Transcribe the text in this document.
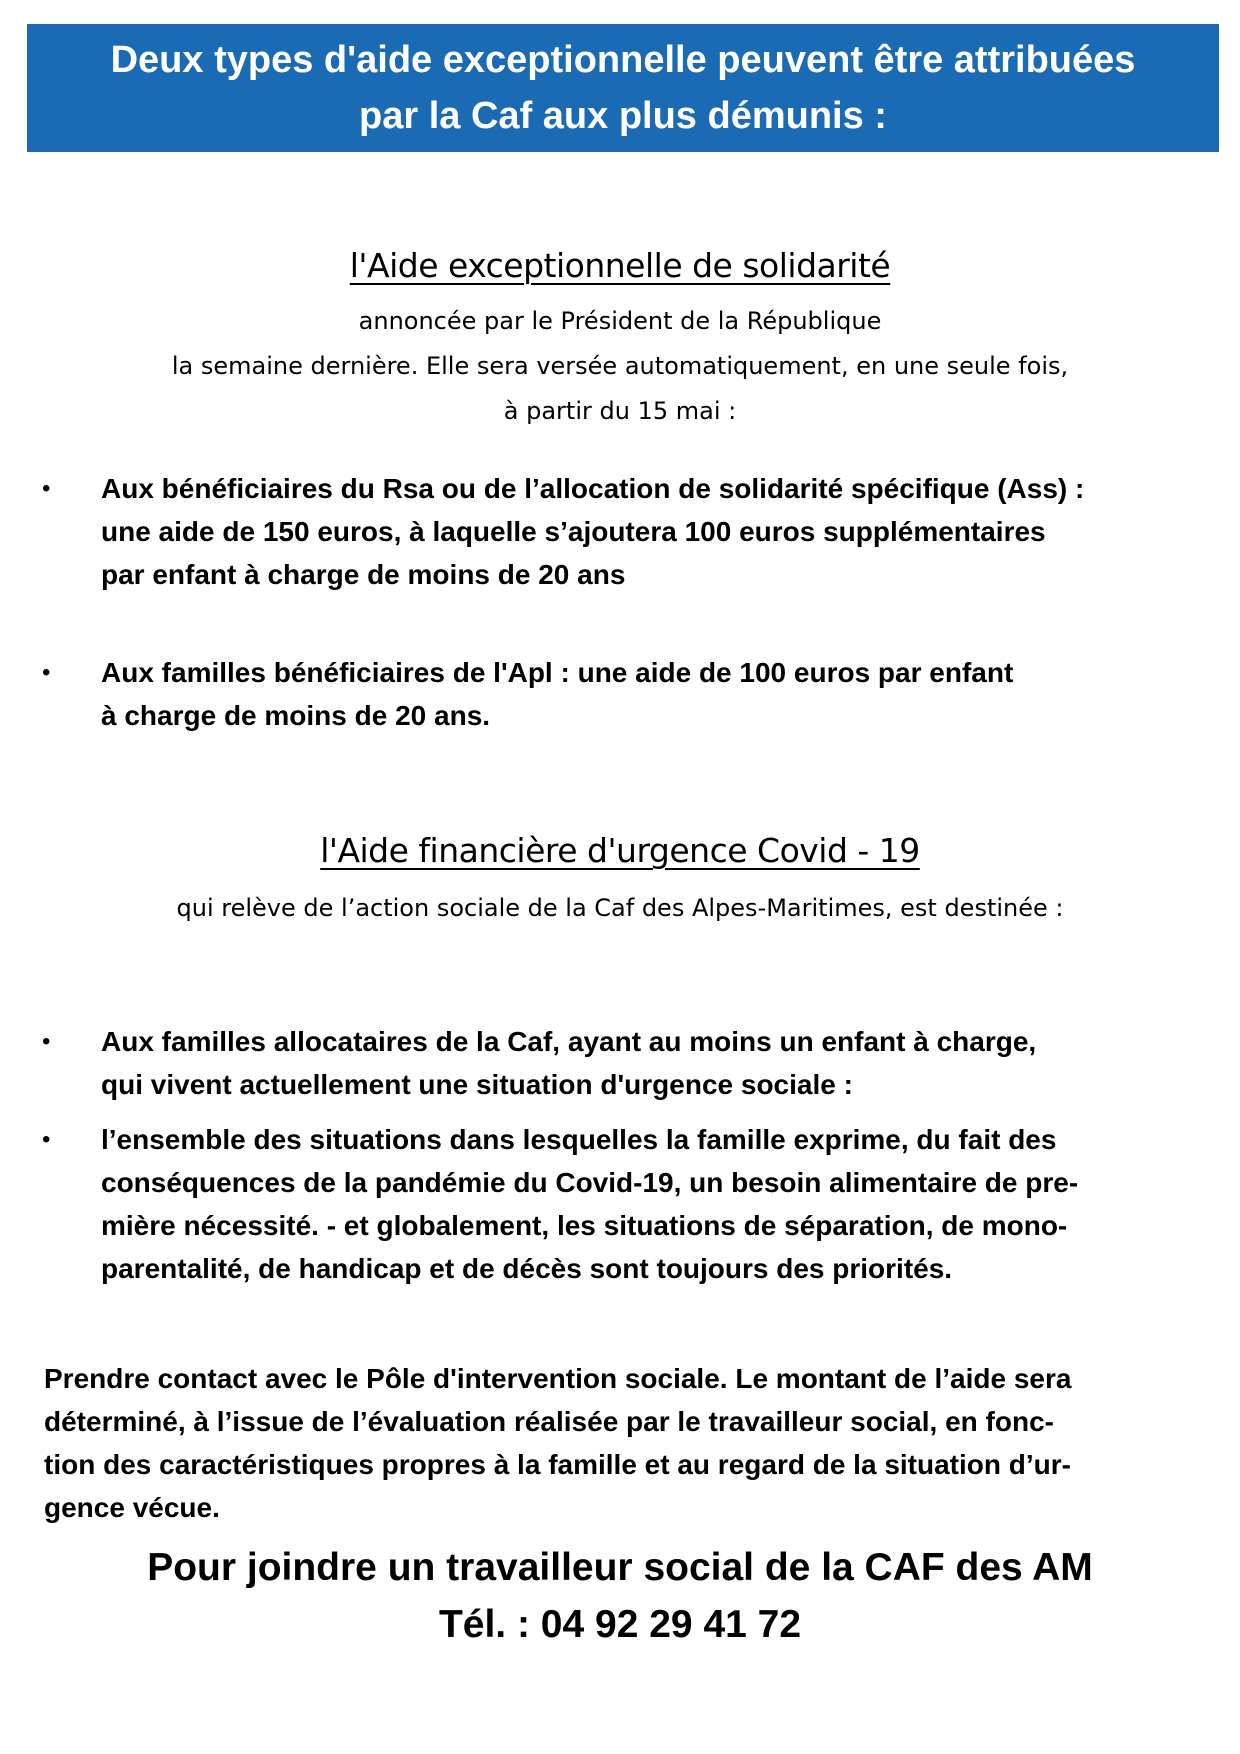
Deux types d'aide exceptionnelle peuvent être attribuées
par la Caf aux plus démunis :
l'Aide exceptionnelle de solidarité
annoncée par le Président de la République
la semaine dernière. Elle sera versée automatiquement, en une seule fois,
à partir du 15 mai :
• Aux bénéficiaires du Rsa ou de l’allocation de solidarité spécifique (Ass) :
une aide de 150 euros, à laquelle s’ajoutera 100 euros supplémentaires
par enfant à charge de moins de 20 ans
• Aux familles bénéficiaires de l'Apl : une aide de 100 euros par enfant
à charge de moins de 20 ans.
l'Aide financière d'urgence Covid - 19
qui relève de l’action sociale de la Caf des Alpes-Maritimes, est destinée :
• Aux familles allocataires de la Caf, ayant au moins un enfant à charge,
qui vivent actuellement une situation d'urgence sociale :
• l’ensemble des situations dans lesquelles la famille exprime, du fait des
conséquences de la pandémie du Covid-19, un besoin alimentaire de pre-
mière nécessité. - et globalement, les situations de séparation, de mono-
parentalité, de handicap et de décès sont toujours des priorités.
Prendre contact avec le Pôle d'intervention sociale. Le montant de l’aide sera
déterminé, à l’issue de l’évaluation réalisée par le travailleur social, en fonc-
tion des caractéristiques propres à la famille et au regard de la situation d’ur-
gence vécue.
Pour joindre un travailleur social de la CAF des AM
Tél. : 04 92 29 41 72
